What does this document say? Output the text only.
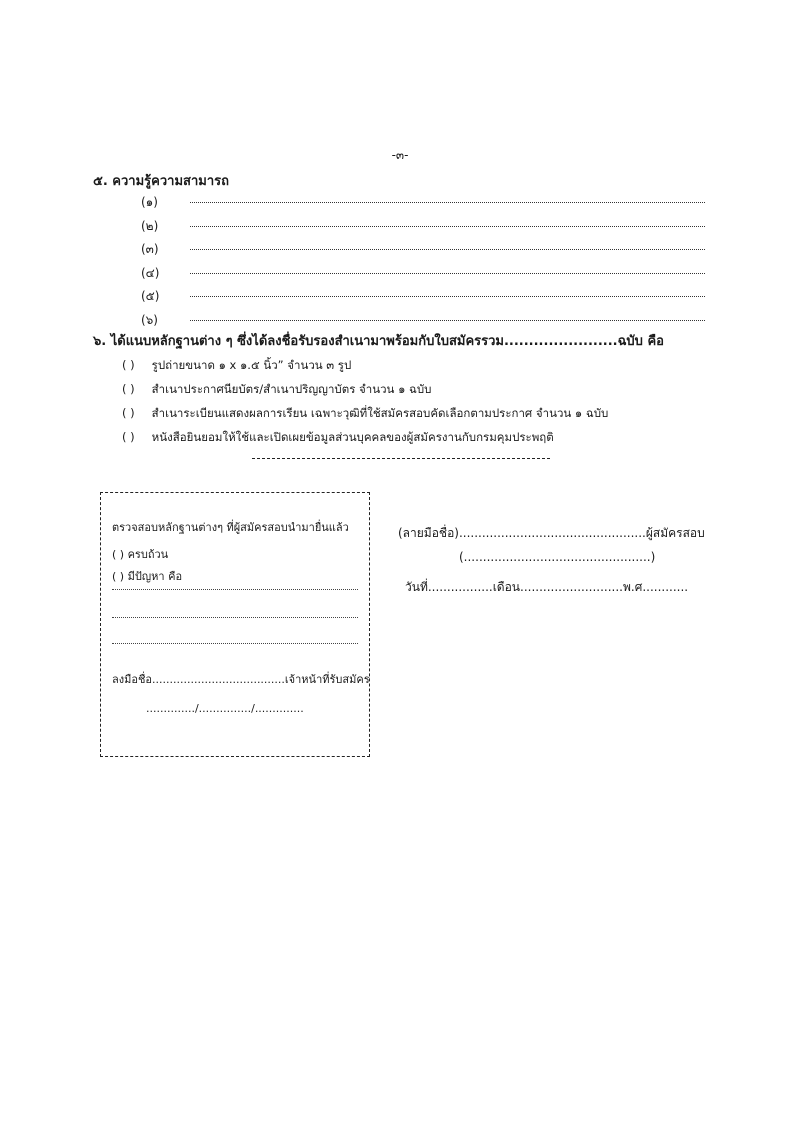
-๓-
๕. ความรู้ความสามารถ
(๑)
(๒)
(๓)
(๔)
(๕)
(๖)
๖. ได้แนบหลักฐานต่าง ๆ ซึ่งได้ลงชื่อรับรองสำเนามาพร้อมกับใบสมัครรวม.......................ฉบับ คือ
( ) รูปถ่ายขนาด ๑ x ๑.๕ นิ้ว” จำนวน ๓ รูป
( ) สำเนาประกาศนียบัตร/สำเนาปริญญาบัตร จำนวน ๑ ฉบับ
( ) สำเนาระเบียนแสดงผลการเรียน เฉพาะวุฒิที่ใช้สมัครสอบคัดเลือกตามประกาศ จำนวน ๑ ฉบับ
( ) หนังสือยินยอมให้ใช้และเปิดเผยข้อมูลส่วนบุคคลของผู้สมัครงานกับกรมคุมประพฤติ
ตรวจสอบหลักฐานต่างๆ ที่ผู้สมัครสอบนำมายื่นแล้ว
( ) ครบถ้วน
( ) มีปัญหา คือ
ลงมือชื่อ......................................เจ้าหน้าที่รับสมัคร
............../.............../..............
(ลายมือชื่อ).................................................ผู้สมัครสอบ
(.................................................)
วันที่.................เดือน...........................พ.ศ............
